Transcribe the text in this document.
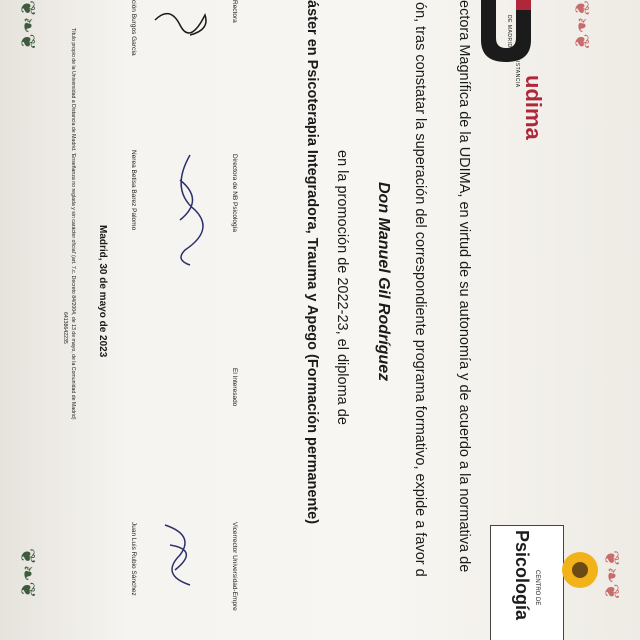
❦❧❦
❦❧❦
❦❧❦
❦❧❦
udima
UNIVERSIDAD A DISTANCIA
DE MADRID
CENTRO DE
Psicología
ectora Magnífica de la UDIMA, en virtud de su autonomía y de acuerdo a la normativa de
ón, tras constatar la superación del correspondiente programa formativo, expide a favor d
Don Manuel Gil Rodríguez
en la promoción de 2022-23, el diploma de
áster en Psicoterapia Integradora, Trauma y Apego (Formación permanente)
Rectora
Directora de NB Psicología
El Interesado
Vicerrector Universidad-Empre
ción Burgos García
Nerea Betisa Barez Palomo
Juan Luis Rubio Sánchez
Madrid, 30 de mayo de 2023
Título propio de la Universidad a Distancia de Madrid. 'Enseñanza no reglada y sin carácter oficial' (art. 7.c. Decreto 84/2004, de 13 de mayo, de la Comunidad de Madrid)
64138642235
